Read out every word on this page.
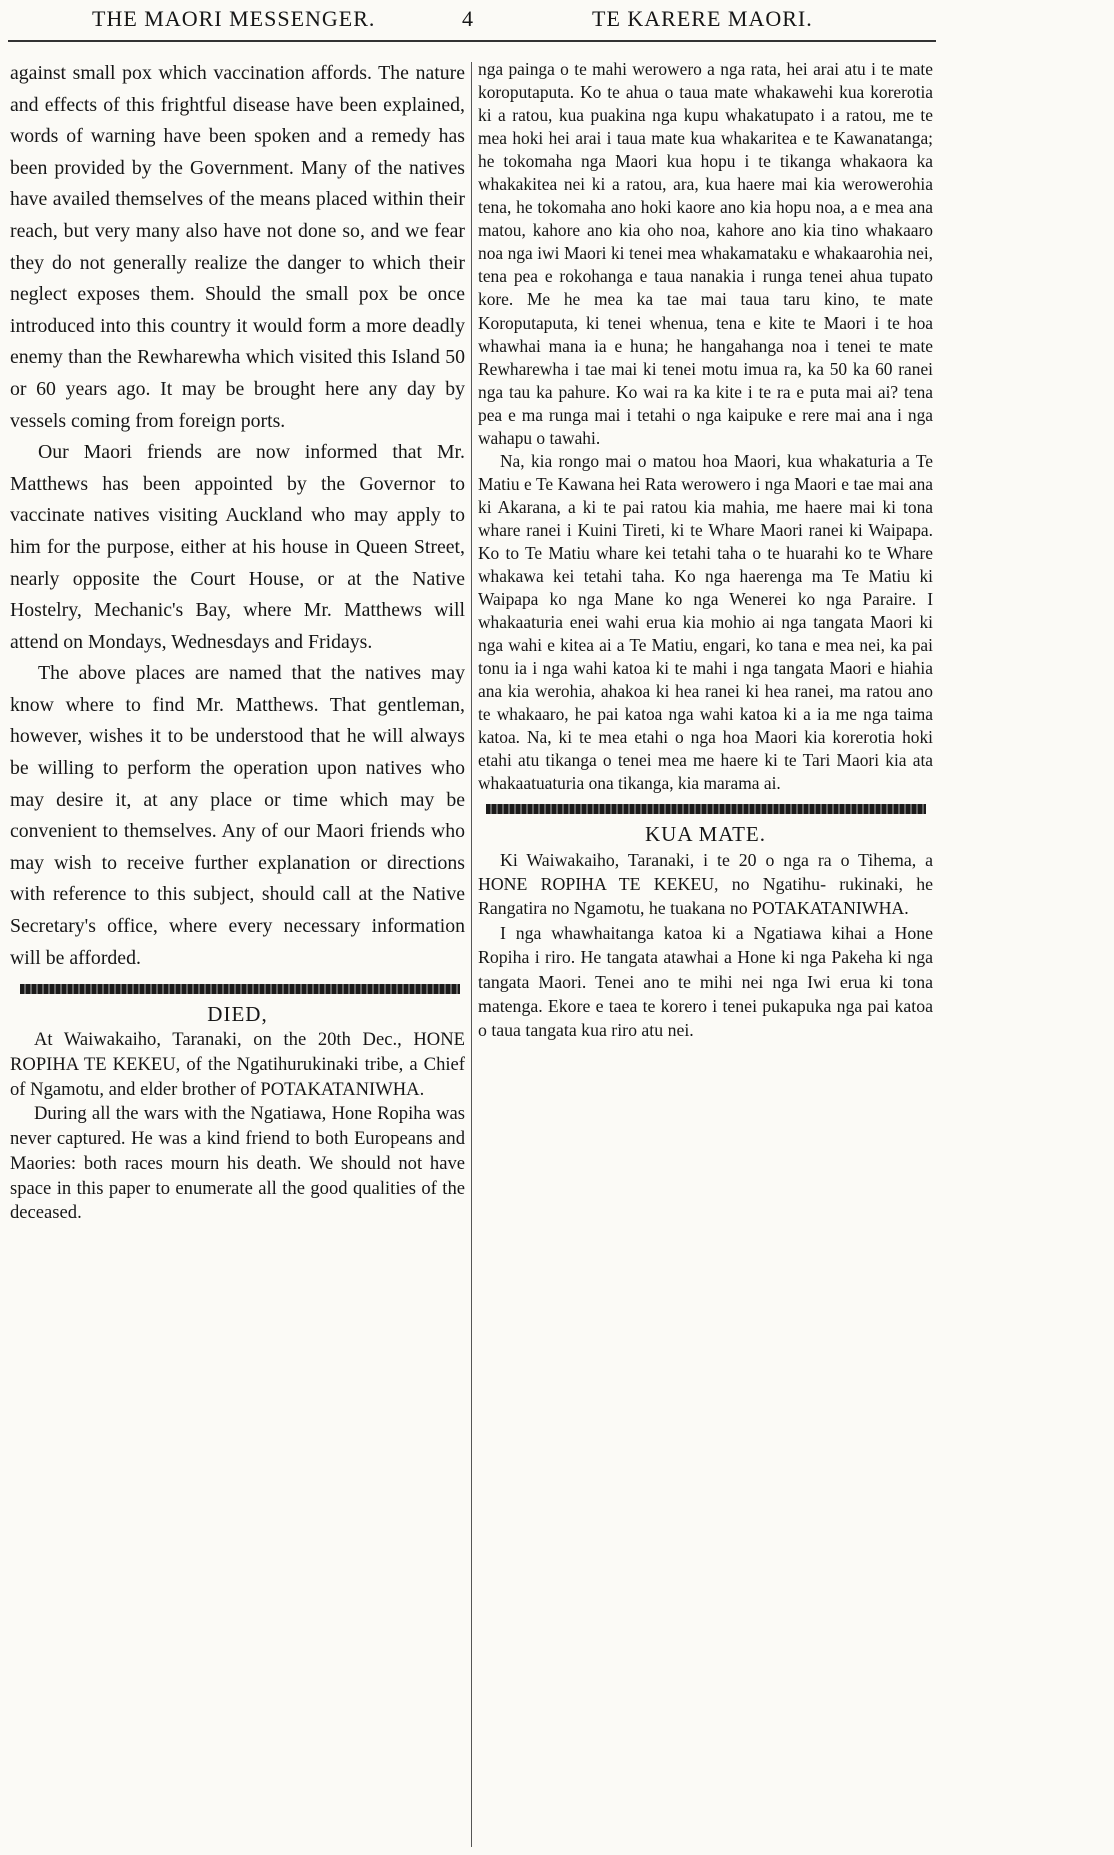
THE MAORI MESSENGER.	4	TE KARERE MAORI.

against small pox which vaccination affords. The nature and effects of this frightful disease have been explained, words of warning have been spoken and a remedy has been provided by the Government. Many of the natives have availed themselves of the means placed within their reach, but very many also have not done so, and we fear they do not generally realize the danger to which their neglect exposes them. Should the small pox be once introduced into this country it would form a more deadly enemy than the Rewharewha which visited this Island 50 or 60 years ago. It may be brought here any day by vessels coming from foreign ports.

Our Maori friends are now informed that Mr. Matthews has been appointed by the Governor to vaccinate natives visiting Auckland who may apply to him for the purpose, either at his house in Queen Street, nearly opposite the Court House, or at the Native Hostelry, Mechanic's Bay, where Mr. Matthews will attend on Mondays, Wednesdays and Fridays.

The above places are named that the natives may know where to find Mr. Matthews. That gentleman, however, wishes it to be understood that he will always be willing to perform the operation upon natives who may desire it, at any place or time which may be convenient to themselves. Any of our Maori friends who may wish to receive further explanation or directions with reference to this subject, should call at the Native Secretary's office, where every necessary information will be afforded.

DIED,

At Waiwakaiho, Taranaki, on the 20th Dec., HONE ROPIHA TE KEKEU, of the Ngatihurukinaki tribe, a Chief of Ngamotu, and elder brother of POTAKATANIWHA.

During all the wars with the Ngatiawa, Hone Ropiha was never captured. He was a kind friend to both Europeans and Maories: both races mourn his death. We should not have space in this paper to enumerate all the good qualities of the deceased.

nga painga o te mahi werowero a nga rata, hei arai atu i te mate koroputaputa. Ko te ahua o taua mate whakawehi kua korerotia ki a ratou, kua puakina nga kupu whakatupato i a ratou, me te mea hoki hei arai i taua mate kua whakaritea e te Kawanatanga; he tokomaha nga Maori kua hopu i te tikanga whakaora ka whakakitea nei ki a ratou, ara, kua haere mai kia werowerohia tena, he tokomaha ano hoki kaore ano kia hopu noa, a e mea ana matou, kahore ano kia oho noa, kahore ano kia tino whakaaro noa nga iwi Maori ki tenei mea whakamataku e whakaarohia nei, tena pea e rokohanga e taua nanakia i runga tenei ahua tupato kore. Me he mea ka tae mai taua taru kino, te mate Koroputaputa, ki tenei whenua, tena e kite te Maori i te hoa whawhai mana ia e huna; he hangahanga noa i tenei te mate Rewharewha i tae mai ki tenei motu imua ra, ka 50 ka 60 ranei nga tau ka pahure. Ko wai ra ka kite i te ra e puta mai ai? tena pea e ma runga mai i tetahi o nga kaipuke e rere mai ana i nga wahapu o tawahi.

Na, kia rongo mai o matou hoa Maori, kua whakaturia a Te Matiu e Te Kawana hei Rata werowero i nga Maori e tae mai ana ki Akarana, a ki te pai ratou kia mahia, me haere mai ki tona whare ranei i Kuini Tireti, ki te Whare Maori ranei ki Waipapa. Ko to Te Matiu whare kei tetahi taha o te huarahi ko te Whare whakawa kei tetahi taha. Ko nga haerenga ma Te Matiu ki Waipapa ko nga Mane ko nga Wenerei ko nga Paraire. I whakaaturia enei wahi erua kia mohio ai nga tangata Maori ki nga wahi e kitea ai a Te Matiu, engari, ko tana e mea nei, ka pai tonu ia i nga wahi katoa ki te mahi i nga tangata Maori e hiahia ana kia werohia, ahakoa ki hea ranei ki hea ranei, ma ratou ano te whakaaro, he pai katoa nga wahi katoa ki a ia me nga taima katoa. Na, ki te mea etahi o nga hoa Maori kia korerotia hoki etahi atu tikanga o tenei mea me haere ki te Tari Maori kia ata whakaatuaturia ona tikanga, kia marama ai.

KUA MATE.

Ki Waiwakaiho, Taranaki, i te 20 o nga ra o Tihema, a HONE ROPIHA TE KEKEU, no Ngatihu- rukinaki, he Rangatira no Ngamotu, he tuakana no POTAKATANIWHA.

I nga whawhaitanga katoa ki a Ngatiawa kihai a Hone Ropiha i riro. He tangata atawhai a Hone ki nga Pakeha ki nga tangata Maori. Tenei ano te mihi nei nga Iwi erua ki tona matenga. Ekore e taea te korero i tenei pukapuka nga pai katoa o taua tangata kua riro atu nei.
